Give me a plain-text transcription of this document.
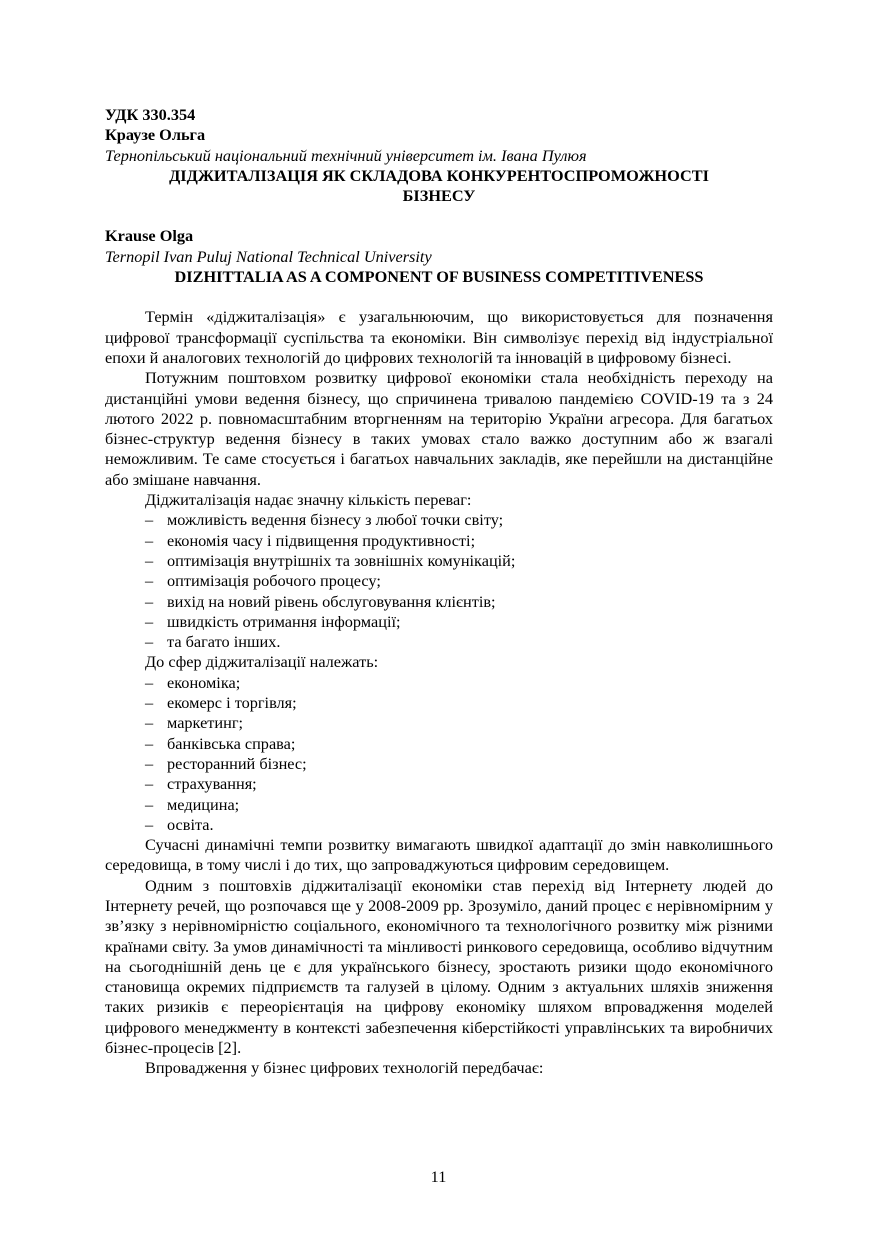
УДК 330.354
Краузе Ольга
Тернопільський національний технічний університет ім. Івана Пулюя
ДІДЖИТАЛІЗАЦІЯ ЯК СКЛАДОВА КОНКУРЕНТОСПРОМОЖНОСТІ
БІЗНЕСУ
Krause Olga
Ternopil Ivan Puluj National Technical University
DIZHITTALIA AS A COMPONENT OF BUSINESS COMPETITIVENESS

Термін «діджиталізація» є узагальнюючим, що використовується для позначення цифрової трансформації суспільства та економіки. Він символізує перехід від індустріальної епохи й аналогових технологій до цифрових технологій та інновацій в цифровому бізнесі.

Потужним поштовхом розвитку цифрової економіки стала необхідність переходу на дистанційні умови ведення бізнесу, що спричинена тривалою пандемією COVID-19 та з 24 лютого 2022 р. повномасштабним вторгненням на територію України агресора. Для багатьох бізнес-структур ведення бізнесу в таких умовах стало важко доступним або ж взагалі неможливим. Те саме стосується і багатьох навчальних закладів, яке перейшли на дистанційне або змішане навчання.

Діджиталізація надає значну кількість переваг:
– можливість ведення бізнесу з любої точки світу;
– економія часу і підвищення продуктивності;
– оптимізація внутрішніх та зовнішніх комунікацій;
– оптимізація робочого процесу;
– вихід на новий рівень обслуговування клієнтів;
– швидкість отримання інформації;
– та багато інших.
До сфер діджиталізації належать:
– економіка;
– екомерс і торгівля;
– маркетинг;
– банківська справа;
– ресторанний бізнес;
– страхування;
– медицина;
– освіта.

Сучасні динамічні темпи розвитку вимагають швидкої адаптації до змін навколишнього середовища, в тому числі і до тих, що запроваджуються цифровим середовищем.

Одним з поштовхів діджиталізації економіки став перехід від Інтернету людей до Інтернету речей, що розпочався ще у 2008-2009 рр. Зрозуміло, даний процес є нерівномірним у зв’язку з нерівномірністю соціального, економічного та технологічного розвитку між різними країнами світу. За умов динамічності та мінливості ринкового середовища, особливо відчутним на сьогоднішній день це є для українського бізнесу, зростають ризики щодо економічного становища окремих підприємств та галузей в цілому. Одним з актуальних шляхів зниження таких ризиків є переорієнтація на цифрову економіку шляхом впровадження моделей цифрового менеджменту в контексті забезпечення кіберстійкості управлінських та виробничих бізнес-процесів [2].

Впровадження у бізнес цифрових технологій передбачає:

11
